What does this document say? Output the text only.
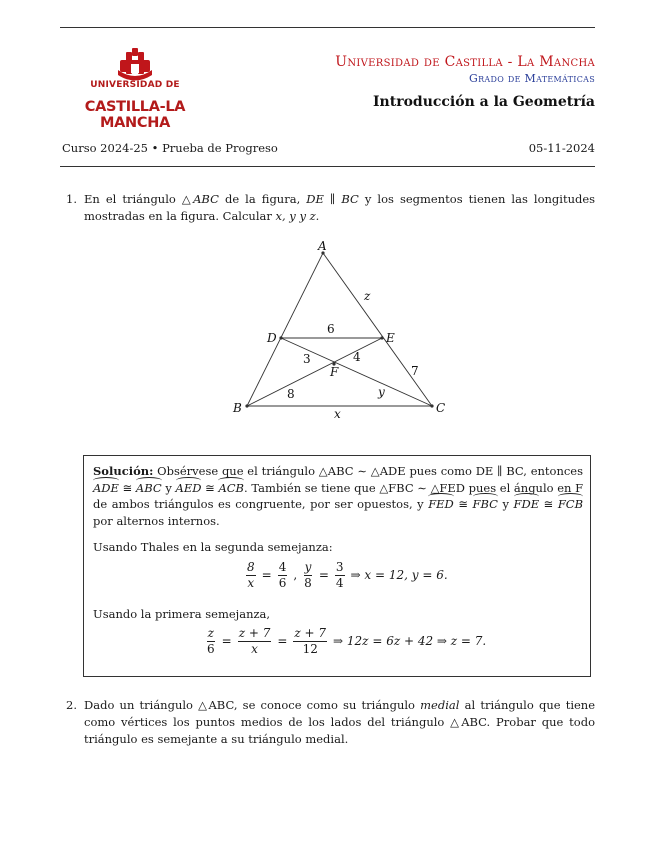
UNIVERSIDAD DE
CASTILLA-LA MANCHA
Universidad de Castilla - La Mancha
Grado de Matemáticas
Introducción a la Geometría
Curso 2024-25 • Prueba de Progreso	05-11-2024
1. En el triángulo △ABC de la figura, DE ∥ BC y los segmentos tienen las longitudes mostradas en la figura. Calcular x, y y z.
A
B	C
D	E
F
6
3	4
8	y
x
z
7

Solución: Obsérvese que el triángulo △ABC ∼ △ADE pues como DE ∥ BC, entonces ADE ≅ ABC y AED ≅ ACB. También se tiene que △FBC ∼ △FED pues el ángulo en F de ambos triángulos es congruente, por ser opuestos, y FED ≅ FBC y FDE ≅ FCB por alternos internos.

Usando Thales en la segunda semejanza:

$\frac{8}{x} = \frac{4}{6}$ , $\frac{y}{8} = \frac{3}{4}$ ⇒ x = 12, y = 6.

Usando la primera semejanza,

$\frac{z}{6} = \frac{z + 7}{x} = \frac{z + 7}{12}$ ⇒ 12z = 6z + 42 ⇒ z = 7.
2. Dado un triángulo △ABC, se conoce como su triángulo medial al triángulo que tiene como vértices los puntos medios de los lados del triángulo △ABC. Probar que todo triángulo es semejante a su triángulo medial.
